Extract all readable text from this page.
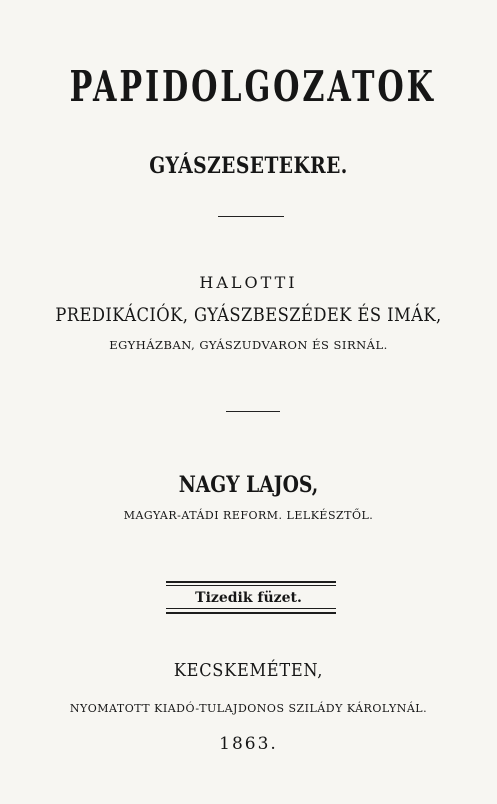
PAPIDOLGOZATOK
GYÁSZESETEKRE.
HALOTTI
PREDIKÁCIÓK, GYÁSZBESZÉDEK ÉS IMÁK,
EGYHÁZBAN, GYÁSZUDVARON ÉS SIRNÁL.
NAGY LAJOS,
MAGYAR-ATÁDI REFORM. LELKÉSZTŐL.
Tizedik füzet.
KECSKEMÉTEN,
NYOMATOTT KIADÓ-TULAJDONOS SZILÁDY KÁROLYNÁL.
1863.
